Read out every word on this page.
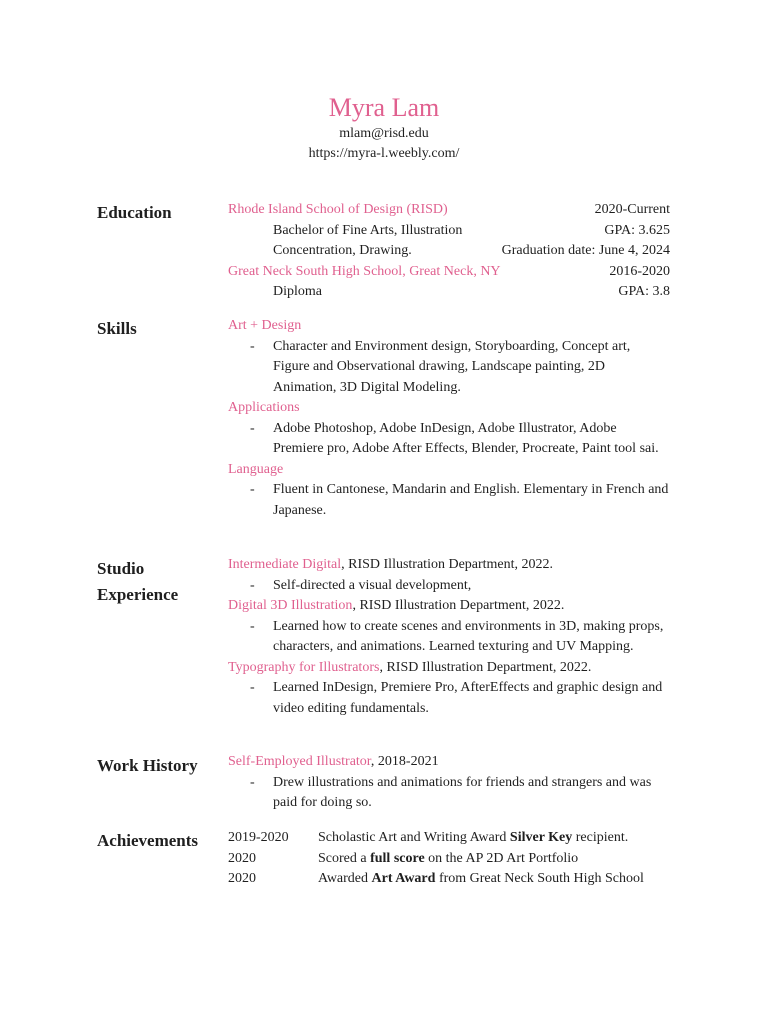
Myra Lam
mlam@risd.edu
https://myra-l.weebly.com/
Education	Rhode Island School of Design (RISD)	2020-Current
Bachelor of Fine Arts, Illustration	GPA: 3.625
Concentration, Drawing.	Graduation date: June 4, 2024
Great Neck South High School, Great Neck, NY	2016-2020
Diploma	GPA: 3.8
Skills	Art + Design
- Character and Environment design, Storyboarding, Concept art, Figure and Observational drawing, Landscape painting, 2D Animation, 3D Digital Modeling.
Applications
- Adobe Photoshop, Adobe InDesign, Adobe Illustrator, Adobe Premiere pro, Adobe After Effects, Blender, Procreate, Paint tool sai.
Language
- Fluent in Cantonese, Mandarin and English. Elementary in French and Japanese.
Studio
Experience
Intermediate Digital, RISD Illustration Department, 2022.
- Self-directed a visual development,
Digital 3D Illustration, RISD Illustration Department, 2022.
- Learned how to create scenes and environments in 3D, making props, characters, and animations. Learned texturing and UV Mapping.
Typography for Illustrators, RISD Illustration Department, 2022.
- Learned InDesign, Premiere Pro, AfterEffects and graphic design and video editing fundamentals.
Work History	Self-Employed Illustrator, 2018-2021
- Drew illustrations and animations for friends and strangers and was paid for doing so.
Achievements	2019-2020	Scholastic Art and Writing Award Silver Key recipient.
2020	Scored a full score on the AP 2D Art Portfolio
2020	Awarded Art Award from Great Neck South High School
